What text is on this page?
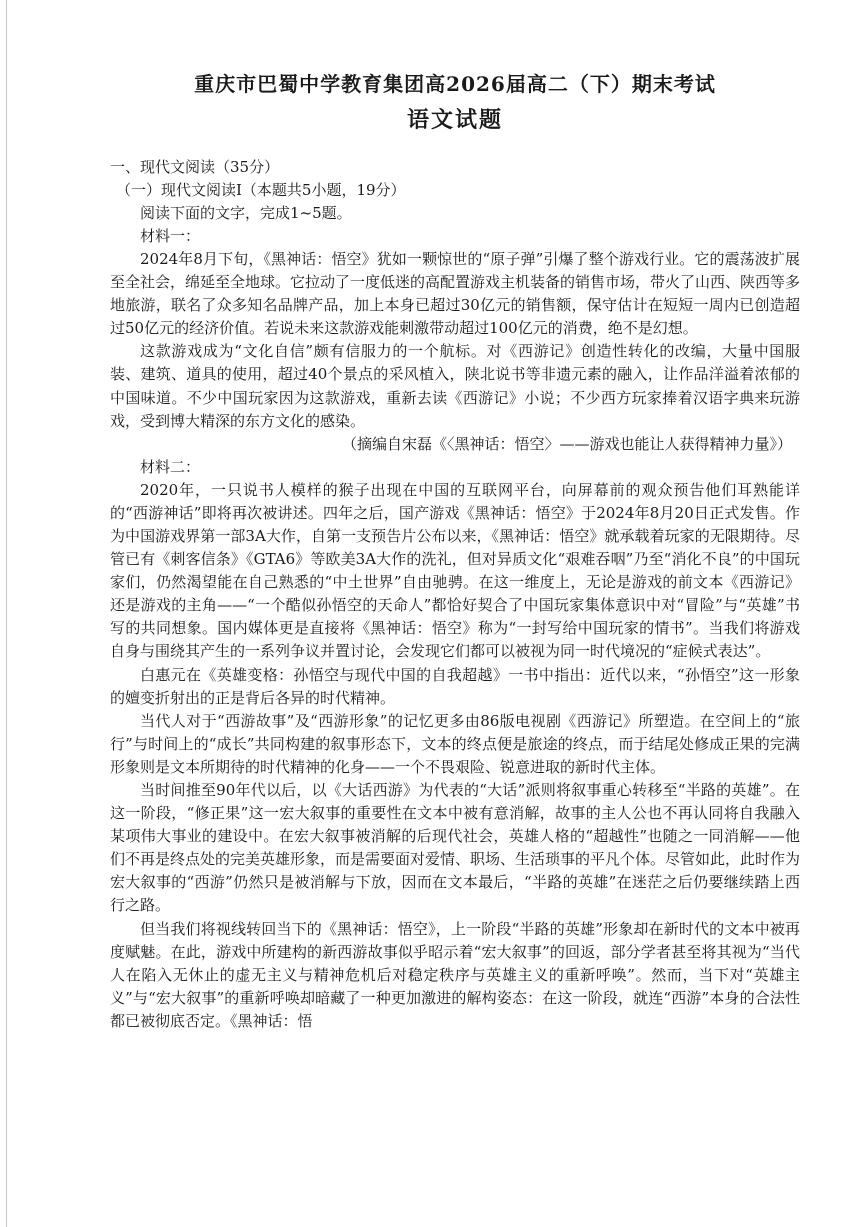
重庆市巴蜀中学教育集团高2026届高二（下）期末考试
语文试题

一、现代文阅读（35分）

（一）现代文阅读Ⅰ（本题共5小题，19分）

阅读下面的文字，完成1~5题。

材料一：

2024年8月下旬，《黑神话：悟空》犹如一颗惊世的“原子弹”引爆了整个游戏行业。它的震荡波扩展至全社会，绵延至全地球。它拉动了一度低迷的高配置游戏主机装备的销售市场，带火了山西、陕西等多地旅游，联名了众多知名品牌产品，加上本身已超过30亿元的销售额，保守估计在短短一周内已创造超过50亿元的经济价值。若说未来这款游戏能刺激带动超过100亿元的消费，绝不是幻想。

这款游戏成为“文化自信”颇有信服力的一个航标。对《西游记》创造性转化的改编，大量中国服装、建筑、道具的使用，超过40个景点的采风植入，陕北说书等非遗元素的融入，让作品洋溢着浓郁的中国味道。不少中国玩家因为这款游戏，重新去读《西游记》小说；不少西方玩家捧着汉语字典来玩游戏，受到博大精深的东方文化的感染。

（摘编自宋磊《〈黑神话：悟空〉——游戏也能让人获得精神力量》）

材料二：

2020年，一只说书人模样的猴子出现在中国的互联网平台，向屏幕前的观众预告他们耳熟能详的“西游神话”即将再次被讲述。四年之后，国产游戏《黑神话：悟空》于2024年8月20日正式发售。作为中国游戏界第一部3A大作，自第一支预告片公布以来，《黑神话：悟空》就承载着玩家的无限期待。尽管已有《刺客信条》《GTA6》等欧美3A大作的洗礼，但对异质文化“艰难吞咽”乃至“消化不良”的中国玩家们，仍然渴望能在自己熟悉的“中土世界”自由驰骋。在这一维度上，无论是游戏的前文本《西游记》还是游戏的主角——“一个酷似孙悟空的天命人”都恰好契合了中国玩家集体意识中对“冒险”与“英雄”书写的共同想象。国内媒体更是直接将《黑神话：悟空》称为“一封写给中国玩家的情书”。当我们将游戏自身与围绕其产生的一系列争议并置讨论，会发现它们都可以被视为同一时代境况的“症候式表达”。

白惠元在《英雄变格：孙悟空与现代中国的自我超越》一书中指出：近代以来，“孙悟空”这一形象的嬗变折射出的正是背后各异的时代精神。

当代人对于“西游故事”及“西游形象”的记忆更多由86版电视剧《西游记》所塑造。在空间上的“旅行”与时间上的“成长”共同构建的叙事形态下，文本的终点便是旅途的终点，而于结尾处修成正果的完满形象则是文本所期待的时代精神的化身——一个不畏艰险、锐意进取的新时代主体。

当时间推至90年代以后，以《大话西游》为代表的“大话”派则将叙事重心转移至“半路的英雄”。在这一阶段，“修正果”这一宏大叙事的重要性在文本中被有意消解，故事的主人公也不再认同将自我融入某项伟大事业的建设中。在宏大叙事被消解的后现代社会，英雄人格的“超越性”也随之一同消解——他们不再是终点处的完美英雄形象，而是需要面对爱情、职场、生活琐事的平凡个体。尽管如此，此时作为宏大叙事的“西游”仍然只是被消解与下放，因而在文本最后，“半路的英雄”在迷茫之后仍要继续踏上西行之路。

但当我们将视线转回当下的《黑神话：悟空》，上一阶段“半路的英雄”形象却在新时代的文本中被再度赋魅。在此，游戏中所建构的新西游故事似乎昭示着“宏大叙事”的回返，部分学者甚至将其视为“当代人在陷入无休止的虚无主义与精神危机后对稳定秩序与英雄主义的重新呼唤”。然而，当下对“英雄主义”与“宏大叙事”的重新呼唤却暗藏了一种更加激进的解构姿态：在这一阶段，就连“西游”本身的合法性都已被彻底否定。《黑神话：悟
